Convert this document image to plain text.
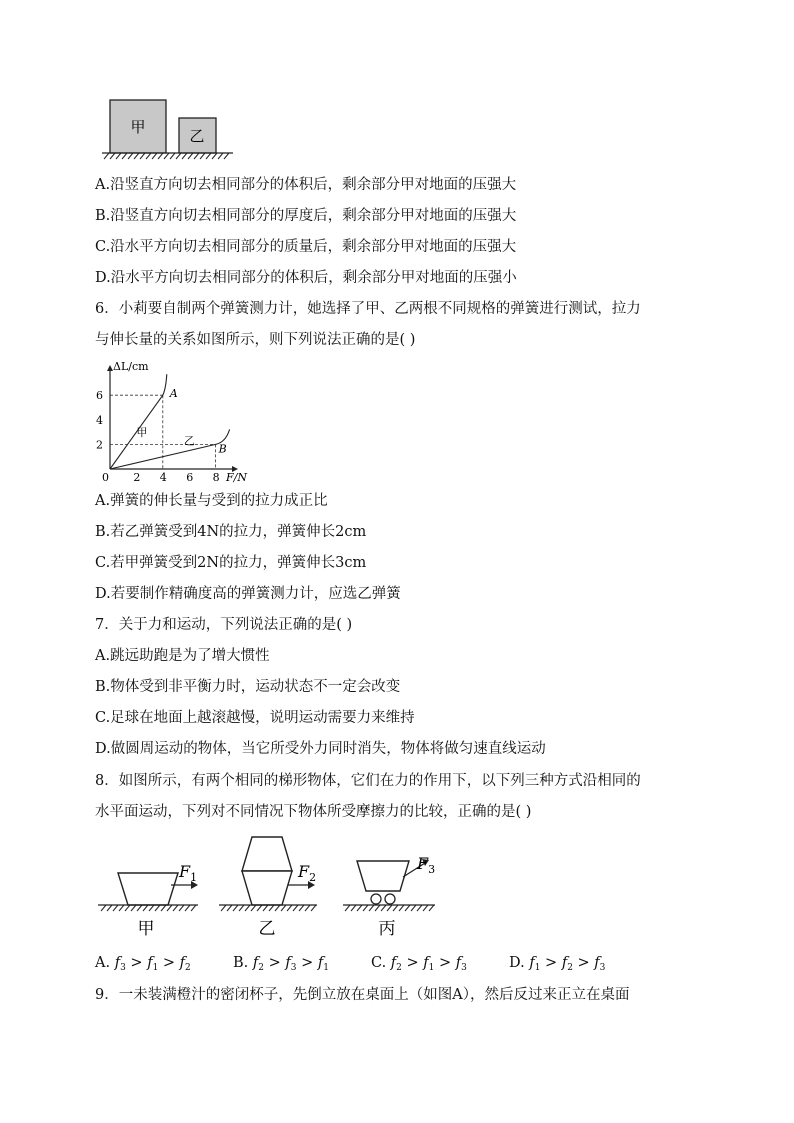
甲	乙
A.沿竖直方向切去相同部分的体积后，剩余部分甲对地面的压强大
B.沿竖直方向切去相同部分的厚度后，剩余部分甲对地面的压强大
C.沿水平方向切去相同部分的质量后，剩余部分甲对地面的压强大
D.沿水平方向切去相同部分的体积后，剩余部分甲对地面的压强小
6．小莉要自制两个弹簧测力计，她选择了甲、乙两根不同规格的弹簧进行测试，拉力
与伸长量的关系如图所示，则下列说法正确的是( )
ΔL/cm
F/N
0 2 4 6 8
2
4
6	A
B
甲
乙
A.弹簧的伸长量与受到的拉力成正比
B.若乙弹簧受到4N的拉力，弹簧伸长2cm
C.若甲弹簧受到2N的拉力，弹簧伸长3cm
D.若要制作精确度高的弹簧测力计，应选乙弹簧
7．关于力和运动，下列说法正确的是( )
A.跳远助跑是为了增大惯性
B.物体受到非平衡力时，运动状态不一定会改变
C.足球在地面上越滚越慢，说明运动需要力来维持
D.做圆周运动的物体，当它所受外力同时消失，物体将做匀速直线运动
8．如图所示，有两个相同的梯形物体，它们在力的作用下，以下列三种方式沿相同的
水平面运动，下列对不同情况下物体所受摩擦力的比较，正确的是( )
$F_1$
甲
$F_2$
乙
$F_3$
丙
A. $f_3 > f_1 > f_2$	B. $f_2 > f_3 > f_1$	C. $f_2 > f_1 > f_3$	D. $f_1 > f_2 > f_3$
9．一未装满橙汁的密闭杯子，先倒立放在桌面上（如图A），然后反过来正立在桌面
